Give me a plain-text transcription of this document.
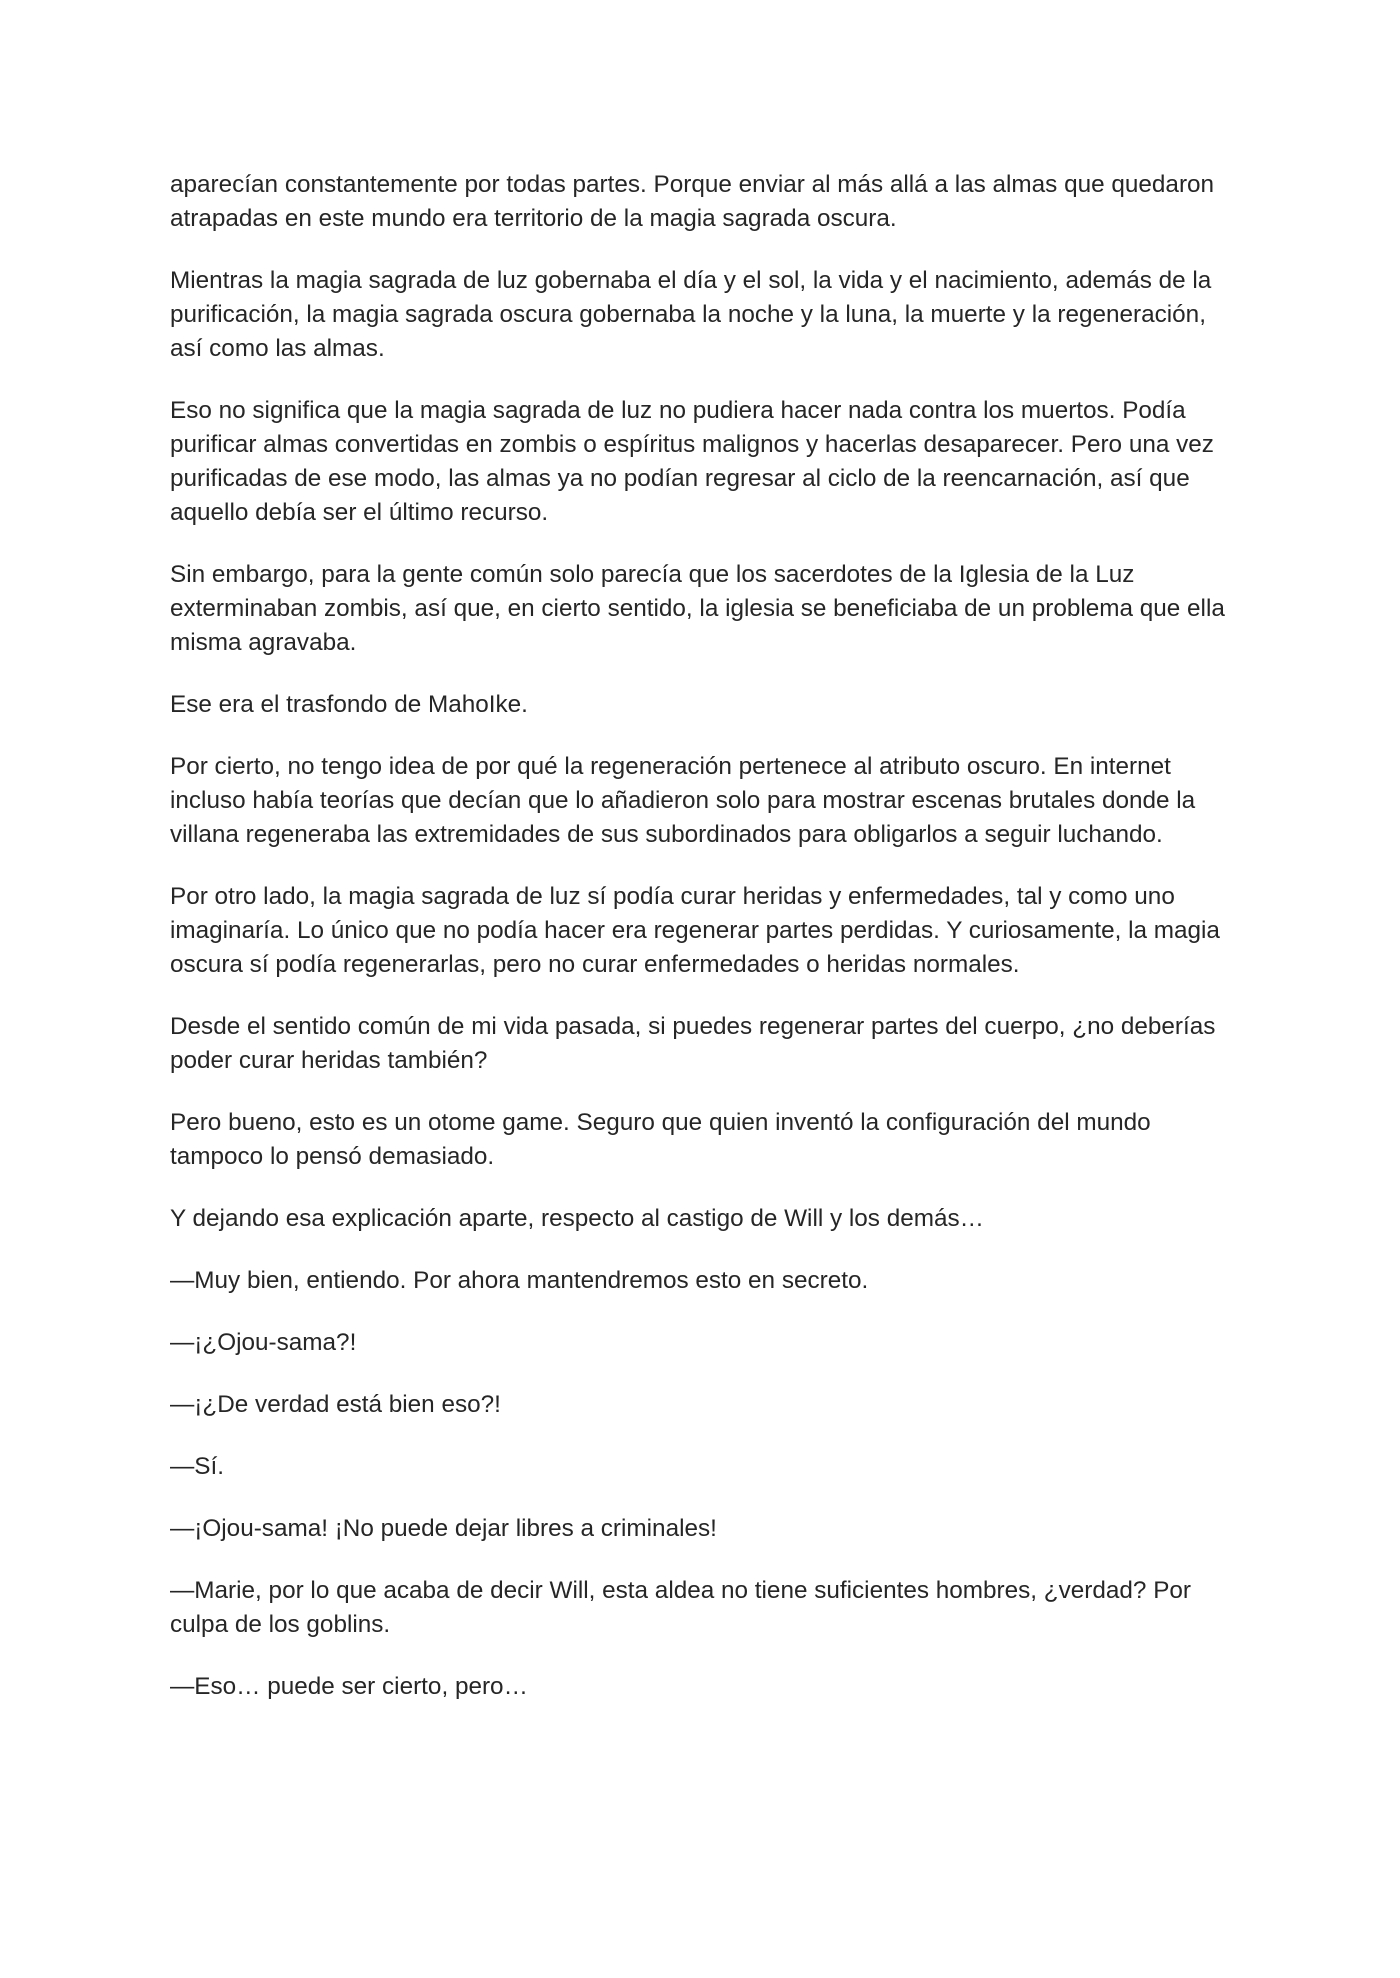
aparecían constantemente por todas partes. Porque enviar al más allá a las almas que quedaron atrapadas en este mundo era territorio de la magia sagrada oscura.

Mientras la magia sagrada de luz gobernaba el día y el sol, la vida y el nacimiento, además de la purificación, la magia sagrada oscura gobernaba la noche y la luna, la muerte y la regeneración, así como las almas.

Eso no significa que la magia sagrada de luz no pudiera hacer nada contra los muertos. Podía purificar almas convertidas en zombis o espíritus malignos y hacerlas desaparecer. Pero una vez purificadas de ese modo, las almas ya no podían regresar al ciclo de la reencarnación, así que aquello debía ser el último recurso.

Sin embargo, para la gente común solo parecía que los sacerdotes de la Iglesia de la Luz exterminaban zombis, así que, en cierto sentido, la iglesia se beneficiaba de un problema que ella misma agravaba.

Ese era el trasfondo de MahoIke.

Por cierto, no tengo idea de por qué la regeneración pertenece al atributo oscuro. En internet incluso había teorías que decían que lo añadieron solo para mostrar escenas brutales donde la villana regeneraba las extremidades de sus subordinados para obligarlos a seguir luchando.

Por otro lado, la magia sagrada de luz sí podía curar heridas y enfermedades, tal y como uno imaginaría. Lo único que no podía hacer era regenerar partes perdidas. Y curiosamente, la magia oscura sí podía regenerarlas, pero no curar enfermedades o heridas normales.

Desde el sentido común de mi vida pasada, si puedes regenerar partes del cuerpo, ¿no deberías poder curar heridas también?

Pero bueno, esto es un otome game. Seguro que quien inventó la configuración del mundo tampoco lo pensó demasiado.

Y dejando esa explicación aparte, respecto al castigo de Will y los demás…

—Muy bien, entiendo. Por ahora mantendremos esto en secreto.

—¡¿Ojou-sama?!

—¡¿De verdad está bien eso?!

—Sí.

—¡Ojou-sama! ¡No puede dejar libres a criminales!

—Marie, por lo que acaba de decir Will, esta aldea no tiene suficientes hombres, ¿verdad? Por culpa de los goblins.

—Eso… puede ser cierto, pero…
